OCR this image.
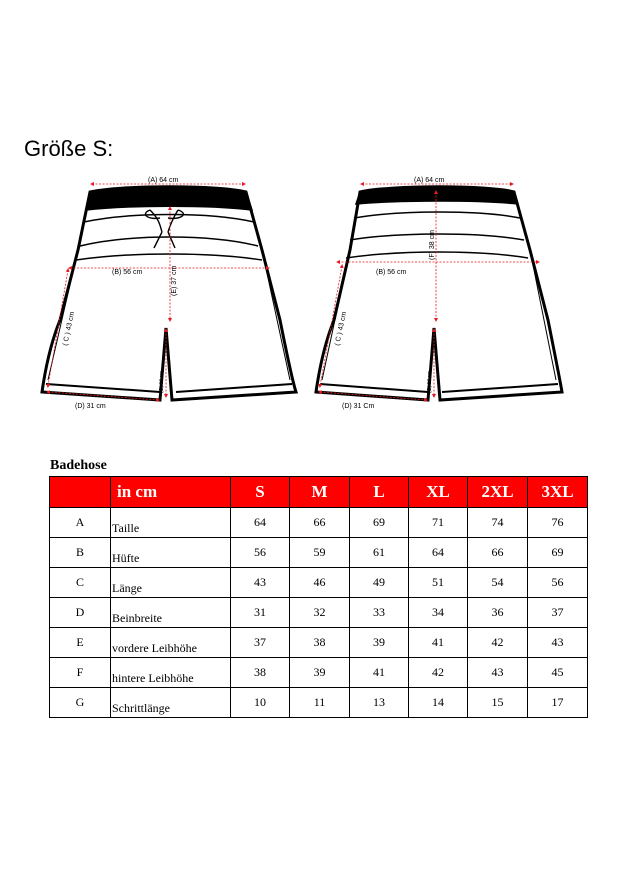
Größe S:
(A) 64 cm
(B) 56 cm	(E) 37 cm
(G) 10 cm
( C ) 43 cm
(D) 31 cm
(A) 64 cm
(B) 56 cm
(F) 38 cm
(G) 10 cm
( C ) 43 cm
(D) 31 Cm
Badehose
	in cm	S	M	L	XL	2XL	3XL
A	Taille	64	66	69	71	74	76
B	Hüfte	56	59	61	64	66	69
C	Länge	43	46	49	51	54	56
D	Beinbreite	31	32	33	34	36	37
E	vordere Leibhöhe	37	38	39	41	42	43
F	hintere Leibhöhe	38	39	41	42	43	45
G	Schrittlänge	10	11	13	14	15	17
